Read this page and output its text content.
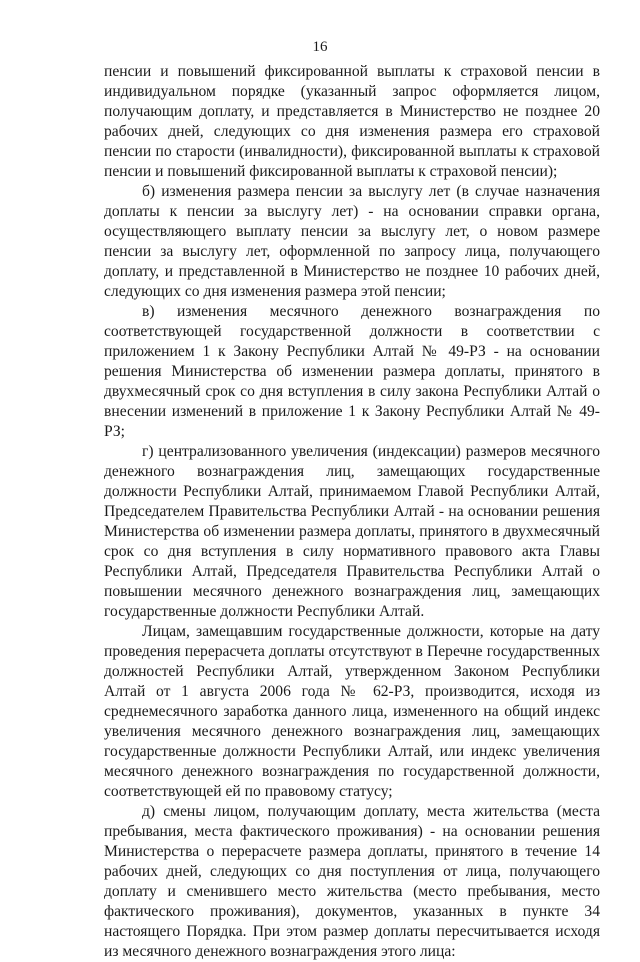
16

пенсии и повышений фиксированной выплаты к страховой пенсии в индивидуальном порядке (указанный запрос оформляется лицом, получающим доплату, и представляется в Министерство не позднее 20 рабочих дней, следующих со дня изменения размера его страховой пенсии по старости (инвалидности), фиксированной выплаты к страховой пенсии и повышений фиксированной выплаты к страховой пенсии);

б) изменения размера пенсии за выслугу лет (в случае назначения доплаты к пенсии за выслугу лет) - на основании справки органа, осуществляющего выплату пенсии за выслугу лет, о новом размере пенсии за выслугу лет, оформленной по запросу лица, получающего доплату, и представленной в Министерство не позднее 10 рабочих дней, следующих со дня изменения размера этой пенсии;

в) изменения месячного денежного вознаграждения по соответствующей государственной должности в соответствии с приложением 1 к Закону Республики Алтай № 49-РЗ - на основании решения Министерства об изменении размера доплаты, принятого в двухмесячный срок со дня вступления в силу закона Республики Алтай о внесении изменений в приложение 1 к Закону Республики Алтай № 49-РЗ;

г) централизованного увеличения (индексации) размеров месячного денежного вознаграждения лиц, замещающих государственные должности Республики Алтай, принимаемом Главой Республики Алтай, Председателем Правительства Республики Алтай - на основании решения Министерства об изменении размера доплаты, принятого в двухмесячный срок со дня вступления в силу нормативного правового акта Главы Республики Алтай, Председателя Правительства Республики Алтай о повышении месячного денежного вознаграждения лиц, замещающих государственные должности Республики Алтай.

Лицам, замещавшим государственные должности, которые на дату проведения перерасчета доплаты отсутствуют в Перечне государственных должностей Республики Алтай, утвержденном Законом Республики Алтай от 1 августа 2006 года № 62-РЗ, производится, исходя из среднемесячного заработка данного лица, измененного на общий индекс увеличения месячного денежного вознаграждения лиц, замещающих государственные должности Республики Алтай, или индекс увеличения месячного денежного вознаграждения по государственной должности, соответствующей ей по правовому статусу;

д) смены лицом, получающим доплату, места жительства (места пребывания, места фактического проживания) - на основании решения Министерства о перерасчете размера доплаты, принятого в течение 14 рабочих дней, следующих со дня поступления от лица, получающего доплату и сменившего место жительства (место пребывания, место фактического проживания), документов, указанных в пункте 34 настоящего Порядка. При этом размер доплаты пересчитывается исходя из месячного денежного вознаграждения этого лица:
